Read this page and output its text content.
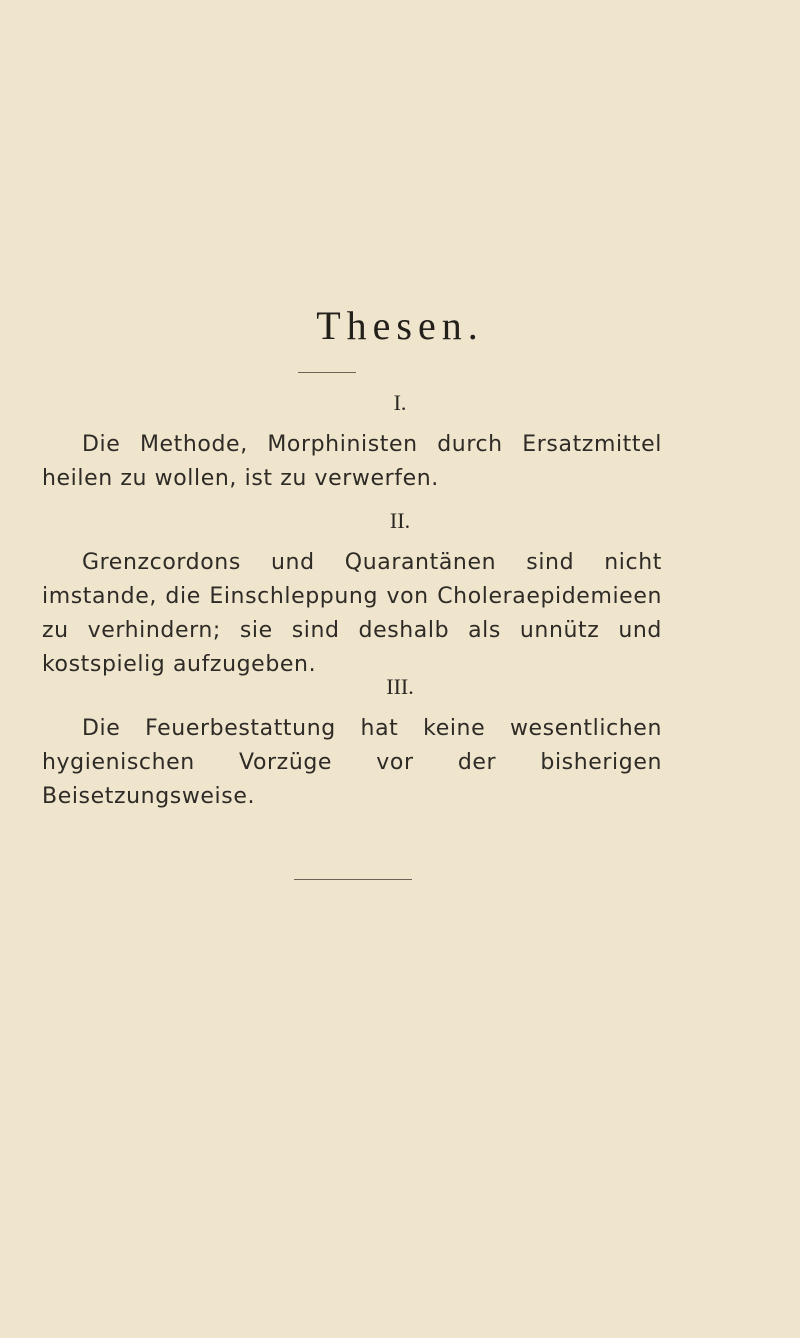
Thesen.
I.

Die Methode, Morphinisten durch Ersatzmittel heilen zu wollen, ist zu verwerfen.

II.

Grenzcordons und Quarantänen sind nicht imstande, die Einschleppung von Choleraepidemieen zu verhindern; sie sind deshalb als unnütz und kostspielig aufzugeben.

III.

Die Feuerbestattung hat keine wesentlichen hygienischen Vorzüge vor der bisherigen Beisetzungsweise.
